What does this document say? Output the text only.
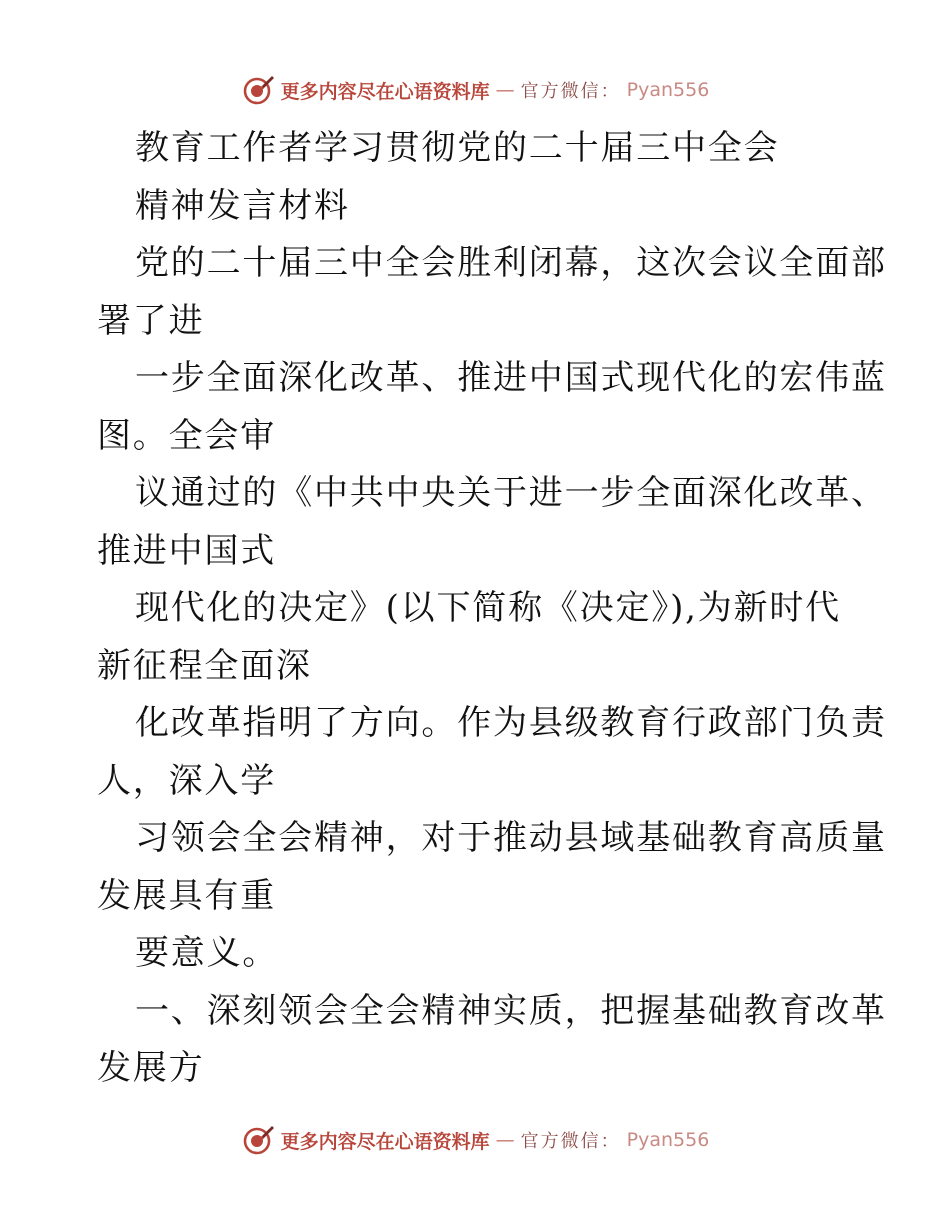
更多内容尽在心语资料库 — 官方微信： Pyan556
教育工作者学习贯彻党的二十届三中全会
精神发言材料
党的二十届三中全会胜利闭幕，这次会议全面部
署了进
一步全面深化改革、推进中国式现代化的宏伟蓝
图。全会审
议通过的《中共中央关于进一步全面深化改革、
推进中国式
现代化的决定》(以下简称《决定》),为新时代
新征程全面深
化改革指明了方向。作为县级教育行政部门负责
人，深入学
习领会全会精神，对于推动县域基础教育高质量
发展具有重
要意义。
一、深刻领会全会精神实质，把握基础教育改革
发展方
更多内容尽在心语资料库 — 官方微信： Pyan556
